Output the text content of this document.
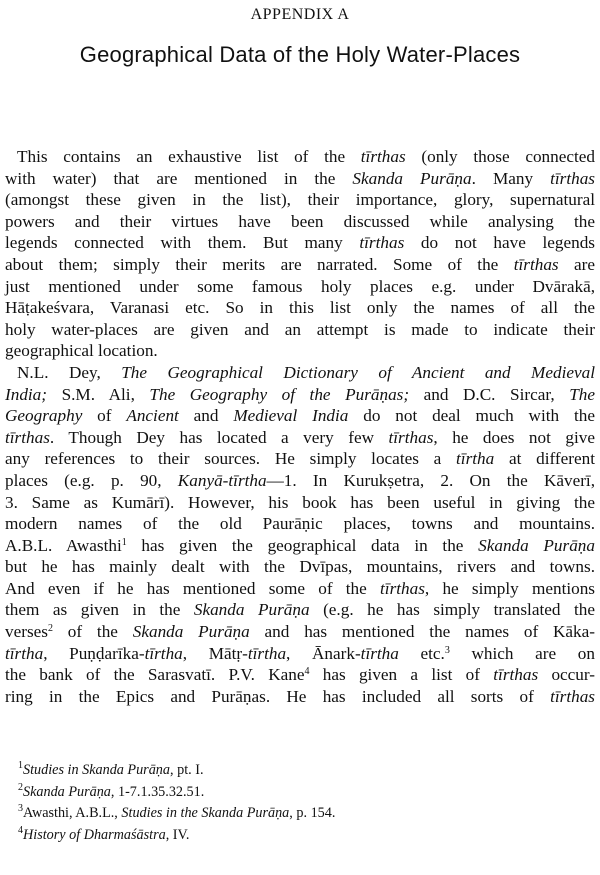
APPENDIX A
Geographical Data of the Holy Water-Places
This contains an exhaustive list of the tīrthas (only those connected
with water) that are mentioned in the Skanda Purāṇa. Many tīrthas
(amongst these given in the list), their importance, glory, supernatural
powers and their virtues have been discussed while analysing the
legends connected with them. But many tīrthas do not have legends
about them; simply their merits are narrated. Some of the tīrthas are
just mentioned under some famous holy places e.g. under Dvārakā,
Hāṭakeśvara, Varanasi etc. So in this list only the names of all the
holy water-places are given and an attempt is made to indicate their
geographical location.
N.L. Dey, The Geographical Dictionary of Ancient and Medieval
India; S.M. Ali, The Geography of the Purāṇas; and D.C. Sircar, The
Geography of Ancient and Medieval India do not deal much with the
tīrthas. Though Dey has located a very few tīrthas, he does not give
any references to their sources. He simply locates a tīrtha at different
places (e.g. p. 90, Kanyā-tīrtha—1. In Kurukṣetra, 2. On the Kāverī,
3. Same as Kumārī). However, his book has been useful in giving the
modern names of the old Paurāṇic places, towns and mountains.
A.B.L. Awasthi$^1$ has given the geographical data in the Skanda Purāṇa
but he has mainly dealt with the Dvīpas, mountains, rivers and towns.
And even if he has mentioned some of the tīrthas, he simply mentions
them as given in the Skanda Purāṇa (e.g. he has simply translated the
verses$^2$ of the Skanda Purāṇa and has mentioned the names of Kāka-
tīrtha, Puṇḍarīka-tīrtha, Mātṛ-tīrtha, Ānark-tīrtha etc.$^3$ which are on
the bank of the Sarasvatī. P.V. Kane$^4$ has given a list of tīrthas occur-
ring in the Epics and Purāṇas. He has included all sorts of tīrthas
$^1$Studies in Skanda Purāṇa, pt. I.
$^2$Skanda Purāṇa, 1-7.1.35.32.51.
$^3$Awasthi, A.B.L., Studies in the Skanda Purāṇa, p. 154.
$^4$History of Dharmaśāstra, IV.
